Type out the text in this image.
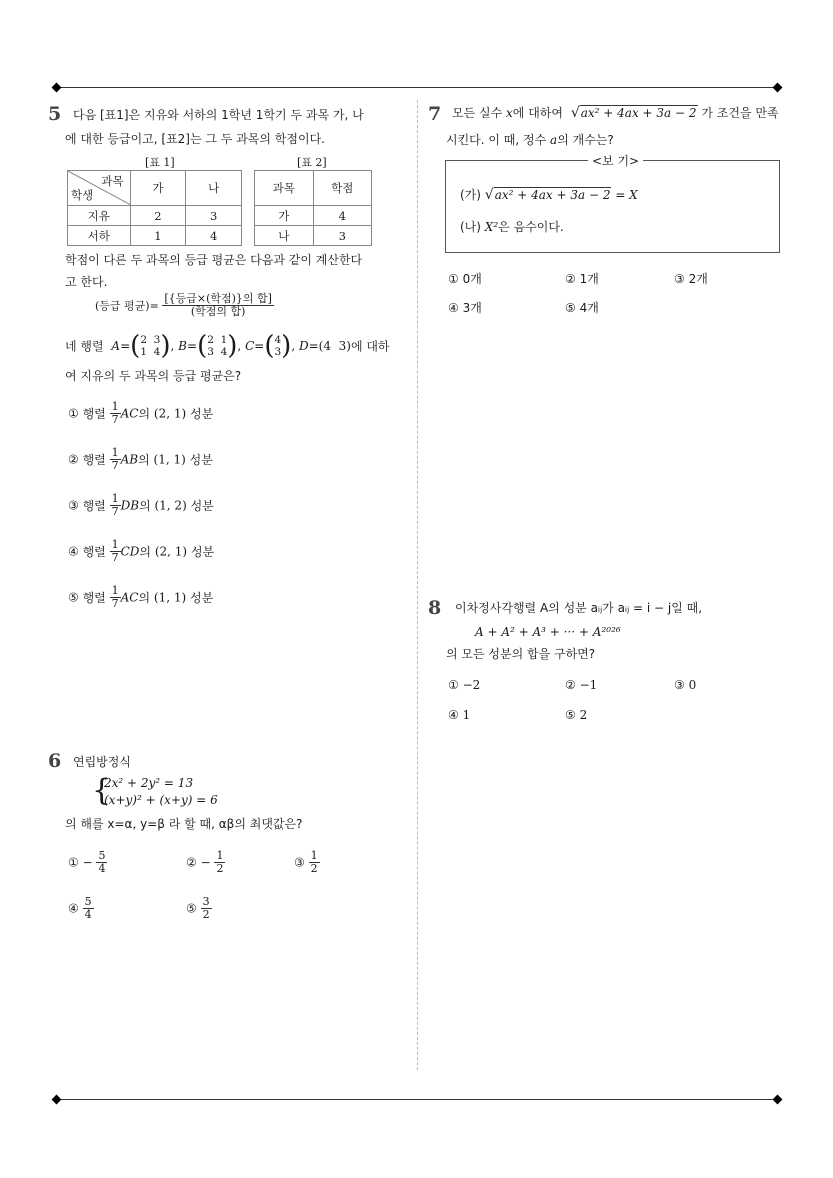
5 다음 [표1]은 지유와 서하의 1학년 1학기 두 과목 가, 나
에 대한 등급이고, [표2]는 그 두 과목의 학점이다.
[표 1]
과목
학생	가	나
지유	2	3
서하	1	4
[표 2]
과목	학점
가	4
나	3
학점이 다른 두 과목의 등급 평균은 다음과 같이 계산한다
고 한다.
(등급 평균)= $\frac{\text{[\{등급×(학점)\}의 합]}}{\text{(학점의 합)}}$
네 행렬 A=(2  3
1  4), B=(2  1
3  4), C=(4
3), D=(4  3)에 대하
여 지유의 두 과목의 등급 평균은?
① 행렬 $\frac{1}{7}$ AC의 (2, 1) 성분
② 행렬 $\frac{1}{7}$ AB의 (1, 1) 성분
③ 행렬 $\frac{1}{7}$ DB의 (1, 2) 성분
④ 행렬 $\frac{1}{7}$ CD의 (2, 1) 성분
⑤ 행렬 $\frac{1}{7}$ AC의 (1, 1) 성분
6 연립방정식
{
2x² + 2y² = 13
(x+y)² + (x+y) = 6
의 해를 x=α, y=β 라 할 때, αβ의 최댓값은?
① − $\frac{5}{4}$	② − $\frac{1}{2}$	③ $\frac{1}{2}$
④ $\frac{5}{4}$	⑤ $\frac{3}{2}$
7 모든 실수 x에 대하여 √ax² + 4ax + 3a − 2 가 조건을 만족
시킨다. 이 때, 정수 a의 개수는?
<보 기>
(가) √ax² + 4ax + 3a − 2 = X
(나) X²은 음수이다.
① 0개	② 1개	③ 2개
④ 3개	⑤ 4개
8 이차정사각행렬 A의 성분 aᵢⱼ가 aᵢⱼ = i − j일 때,
A + A² + A³ + ··· + A²⁰²⁶
의 모든 성분의 합을 구하면?
① −2	② −1	③ 0
④ 1	⑤ 2
